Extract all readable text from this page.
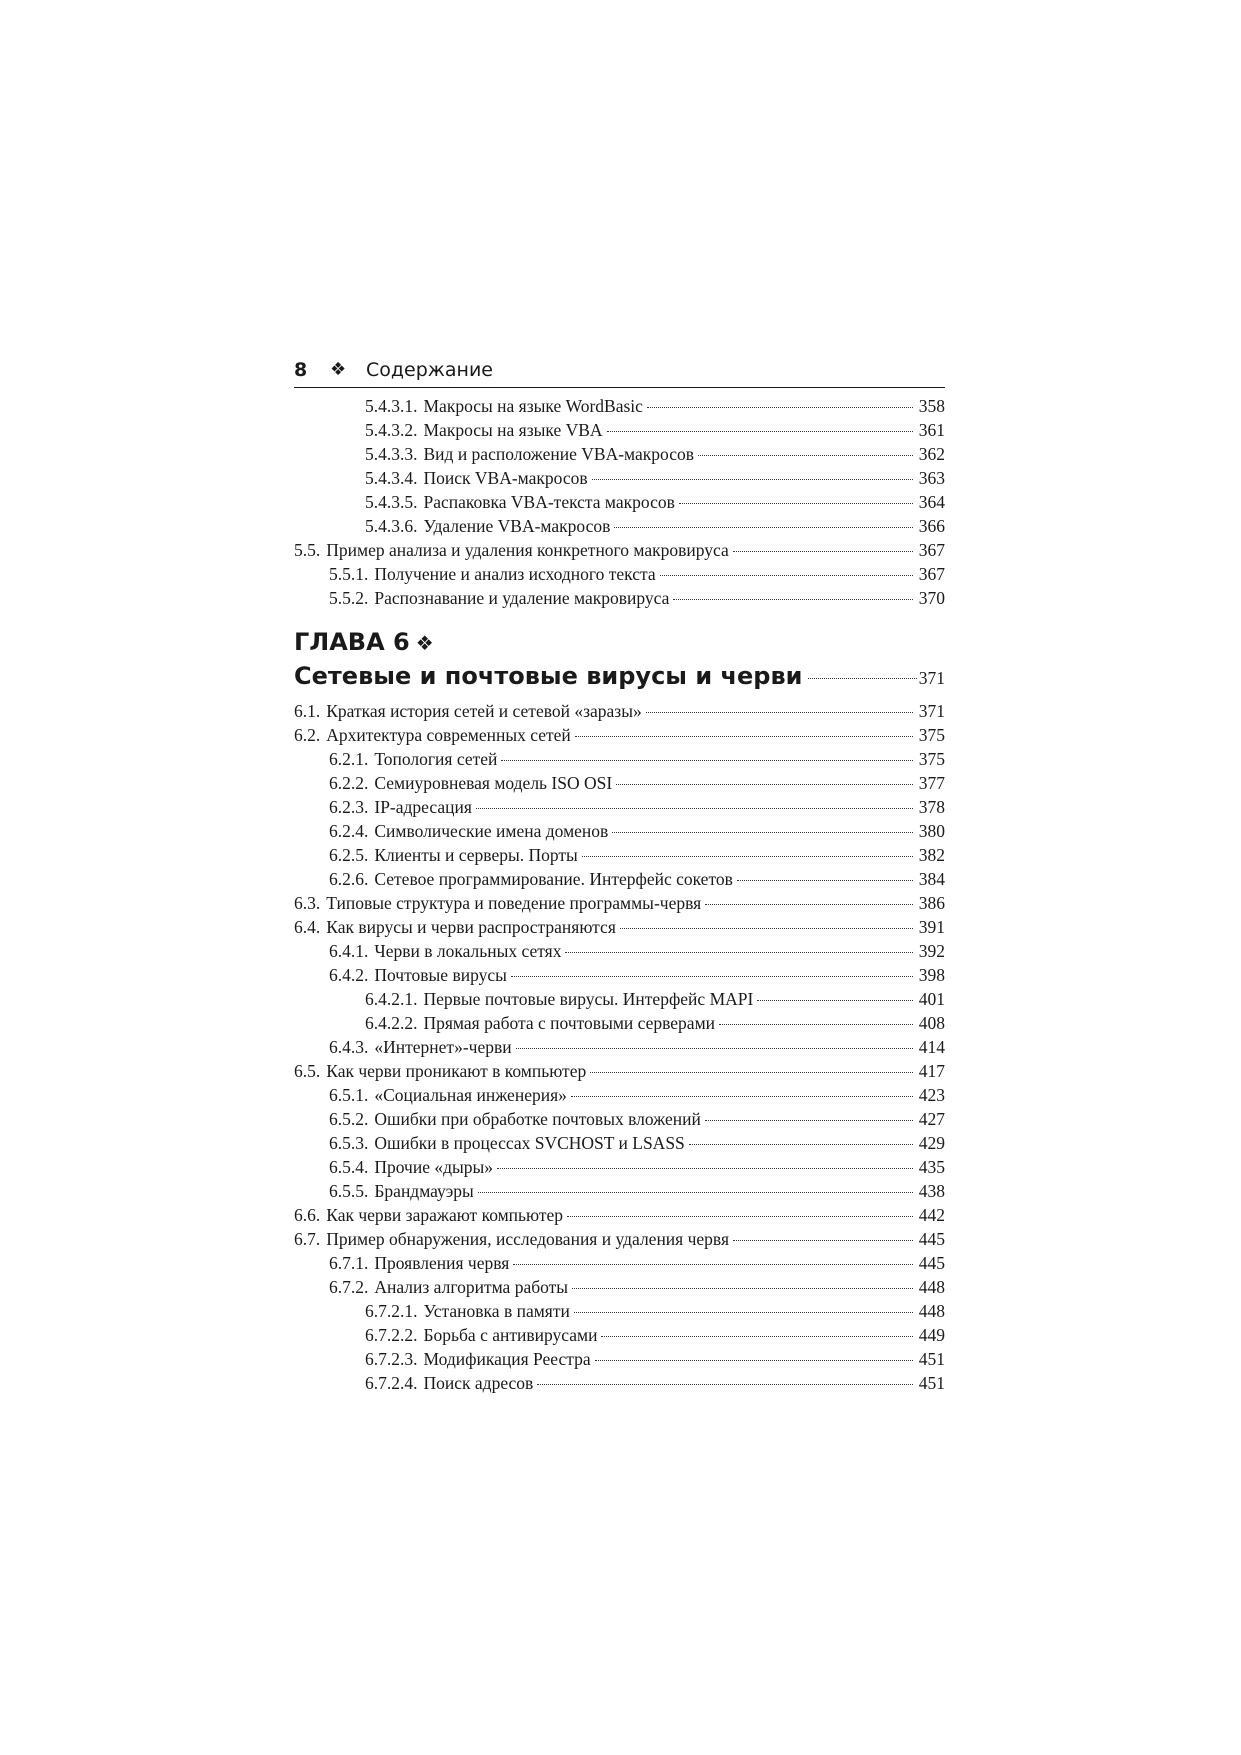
8 ❖ Содержание
5.4.3.1. Макросы на языке WordBasic	358
5.4.3.2. Макросы на языке VBA	361
5.4.3.3. Вид и расположение VBA-макросов	362
5.4.3.4. Поиск VBA-макросов	363
5.4.3.5. Распаковка VBA-текста макросов	364
5.4.3.6. Удаление VBA-макросов	366
5.5. Пример анализа и удаления конкретного макровируса	367
5.5.1. Получение и анализ исходного текста	367
5.5.2. Распознавание и удаление макровируса	370
ГЛАВА 6 ❖
Сетевые и почтовые вирусы и черви	371
6.1. Краткая история сетей и сетевой «заразы»	371
6.2. Архитектура современных сетей	375
6.2.1. Топология сетей	375
6.2.2. Семиуровневая модель ISO OSI	377
6.2.3. IP-адресация	378
6.2.4. Символические имена доменов	380
6.2.5. Клиенты и серверы. Порты	382
6.2.6. Сетевое программирование. Интерфейс сокетов	384
6.3. Типовые структура и поведение программы-червя	386
6.4. Как вирусы и черви распространяются	391
6.4.1. Черви в локальных сетях	392
6.4.2. Почтовые вирусы	398
6.4.2.1. Первые почтовые вирусы. Интерфейс MAPI	401
6.4.2.2. Прямая работа с почтовыми серверами	408
6.4.3. «Интернет»-черви	414
6.5. Как черви проникают в компьютер	417
6.5.1. «Социальная инженерия»	423
6.5.2. Ошибки при обработке почтовых вложений	427
6.5.3. Ошибки в процессах SVCHOST и LSASS	429
6.5.4. Прочие «дыры»	435
6.5.5. Брандмауэры	438
6.6. Как черви заражают компьютер	442
6.7. Пример обнаружения, исследования и удаления червя	445
6.7.1. Проявления червя	445
6.7.2. Анализ алгоритма работы	448
6.7.2.1. Установка в памяти	448
6.7.2.2. Борьба с антивирусами	449
6.7.2.3. Модификация Реестра	451
6.7.2.4. Поиск адресов	451
